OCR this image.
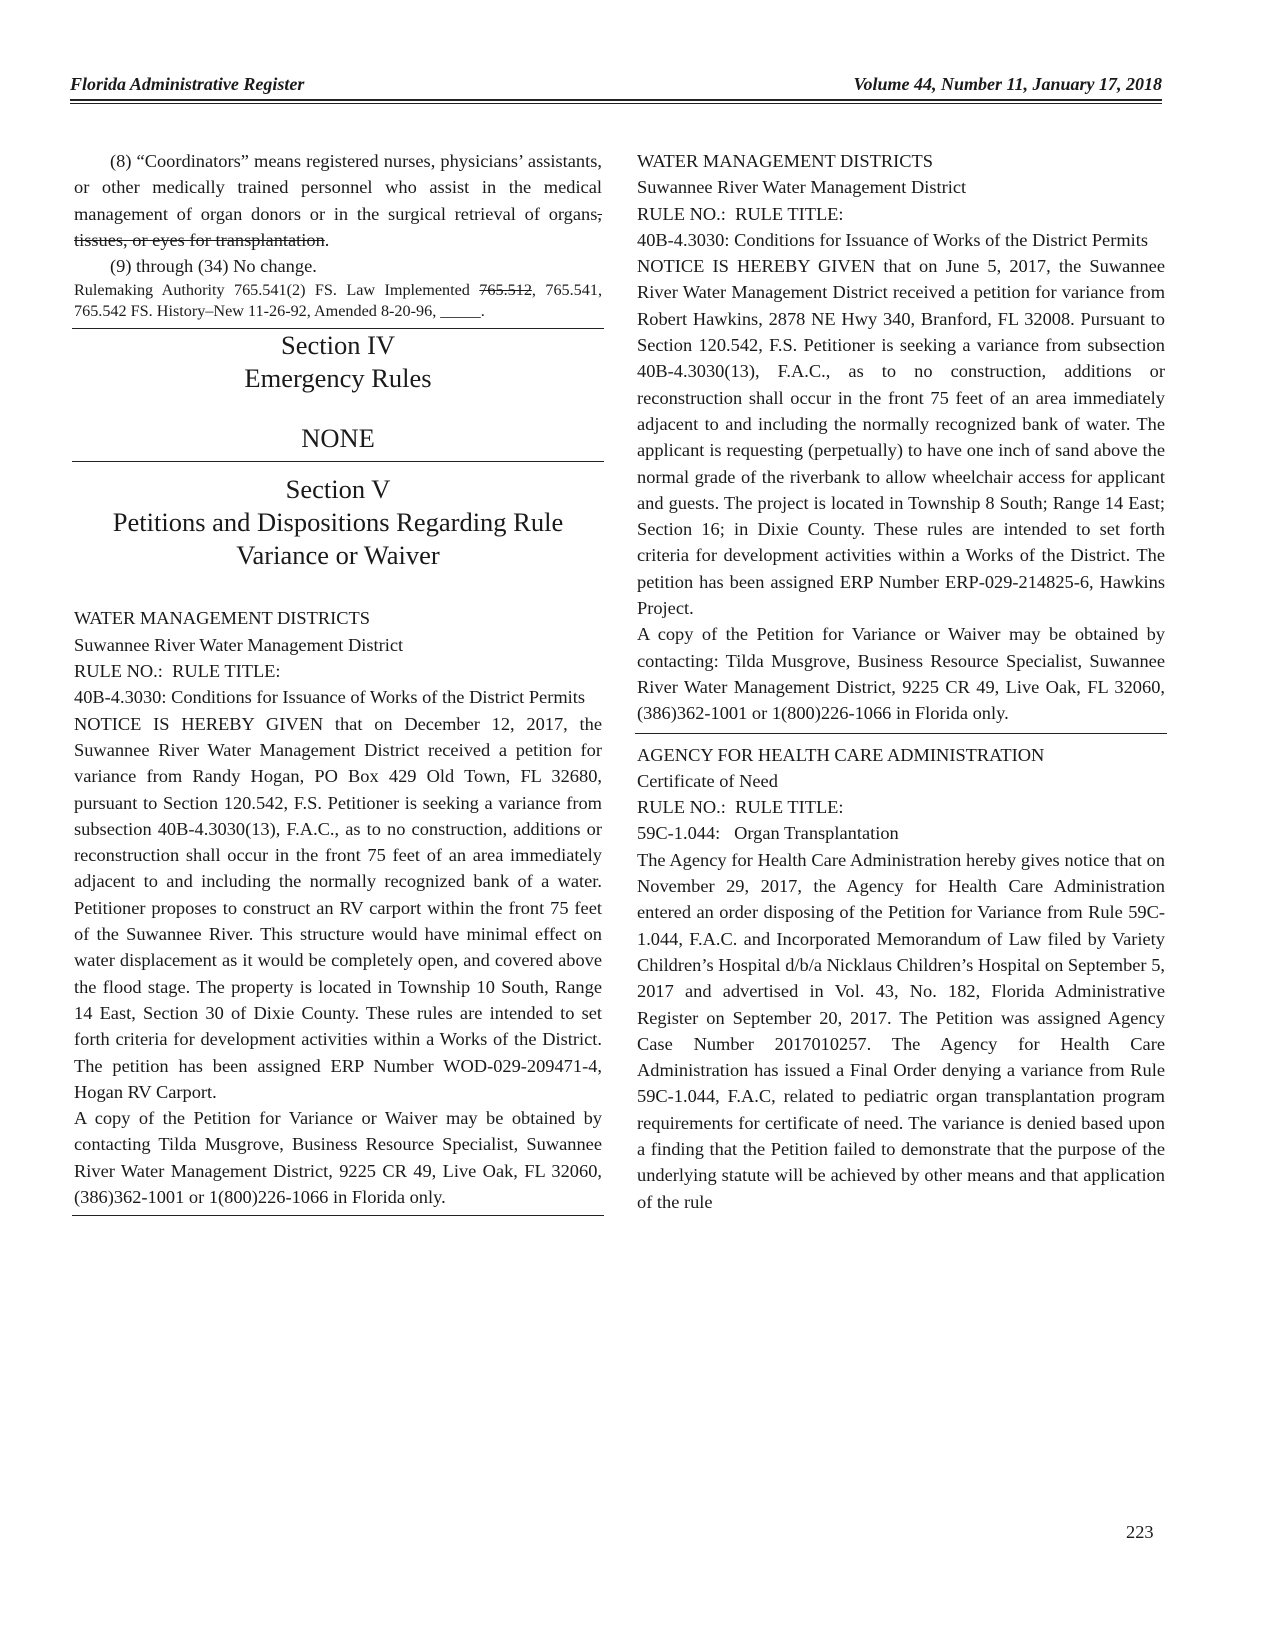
Florida Administrative Register	Volume 44, Number 11, January 17, 2018

(8) “Coordinators” means registered nurses, physicians’ assistants, or other medically trained personnel who assist in the medical management of organ donors or in the surgical retrieval of organs, tissues, or eyes for transplantation.

(9) through (34) No change.

Rulemaking Authority 765.541(2) FS. Law Implemented 765.512, 765.541, 765.542 FS. History–New 11-26-92, Amended 8-20-96, _____.

Section IV

Emergency Rules

NONE

Section V

Petitions and Dispositions Regarding Rule

Variance or Waiver

WATER MANAGEMENT DISTRICTS

Suwannee River Water Management District

RULE NO.:  RULE TITLE:

40B-4.3030: Conditions for Issuance of Works of the District Permits

NOTICE IS HEREBY GIVEN that on December 12, 2017, the Suwannee River Water Management District received a petition for variance from Randy Hogan, PO Box 429 Old Town, FL 32680, pursuant to Section 120.542, F.S. Petitioner is seeking a variance from subsection 40B-4.3030(13), F.A.C., as to no construction, additions or reconstruction shall occur in the front 75 feet of an area immediately adjacent to and including the normally recognized bank of a water. Petitioner proposes to construct an RV carport within the front 75 feet of the Suwannee River. This structure would have minimal effect on water displacement as it would be completely open, and covered above the flood stage. The property is located in Township 10 South, Range 14 East, Section 30 of Dixie County. These rules are intended to set forth criteria for development activities within a Works of the District. The petition has been assigned ERP Number WOD-029-209471-4, Hogan RV Carport.

A copy of the Petition for Variance or Waiver may be obtained by contacting Tilda Musgrove, Business Resource Specialist, Suwannee River Water Management District, 9225 CR 49, Live Oak, FL 32060, (386)362-1001 or 1(800)226-1066 in Florida only.

WATER MANAGEMENT DISTRICTS

Suwannee River Water Management District

RULE NO.:  RULE TITLE:

40B-4.3030: Conditions for Issuance of Works of the District Permits

NOTICE IS HEREBY GIVEN that on June 5, 2017, the Suwannee River Water Management District received a petition for variance from Robert Hawkins, 2878 NE Hwy 340, Branford, FL 32008. Pursuant to Section 120.542, F.S. Petitioner is seeking a variance from subsection 40B-4.3030(13), F.A.C., as to no construction, additions or reconstruction shall occur in the front 75 feet of an area immediately adjacent to and including the normally recognized bank of water. The applicant is requesting (perpetually) to have one inch of sand above the normal grade of the riverbank to allow wheelchair access for applicant and guests. The project is located in Township 8 South; Range 14 East; Section 16; in Dixie County. These rules are intended to set forth criteria for development activities within a Works of the District. The petition has been assigned ERP Number ERP-029-214825-6, Hawkins Project.

A copy of the Petition for Variance or Waiver may be obtained by contacting: Tilda Musgrove, Business Resource Specialist, Suwannee River Water Management District, 9225 CR 49, Live Oak, FL 32060, (386)362-1001 or 1(800)226-1066 in Florida only.

AGENCY FOR HEALTH CARE ADMINISTRATION

Certificate of Need

RULE NO.:  RULE TITLE:

59C-1.044:   Organ Transplantation

The Agency for Health Care Administration hereby gives notice that on November 29, 2017, the Agency for Health Care Administration entered an order disposing of the Petition for Variance from Rule 59C-1.044, F.A.C. and Incorporated Memorandum of Law filed by Variety Children’s Hospital d/b/a Nicklaus Children’s Hospital on September 5, 2017 and advertised in Vol. 43, No. 182, Florida Administrative Register on September 20, 2017. The Petition was assigned Agency Case Number 2017010257. The Agency for Health Care Administration has issued a Final Order denying a variance from Rule 59C-1.044, F.A.C, related to pediatric organ transplantation program requirements for certificate of need. The variance is denied based upon a finding that the Petition failed to demonstrate that the purpose of the underlying statute will be achieved by other means and that application of the rule

223
